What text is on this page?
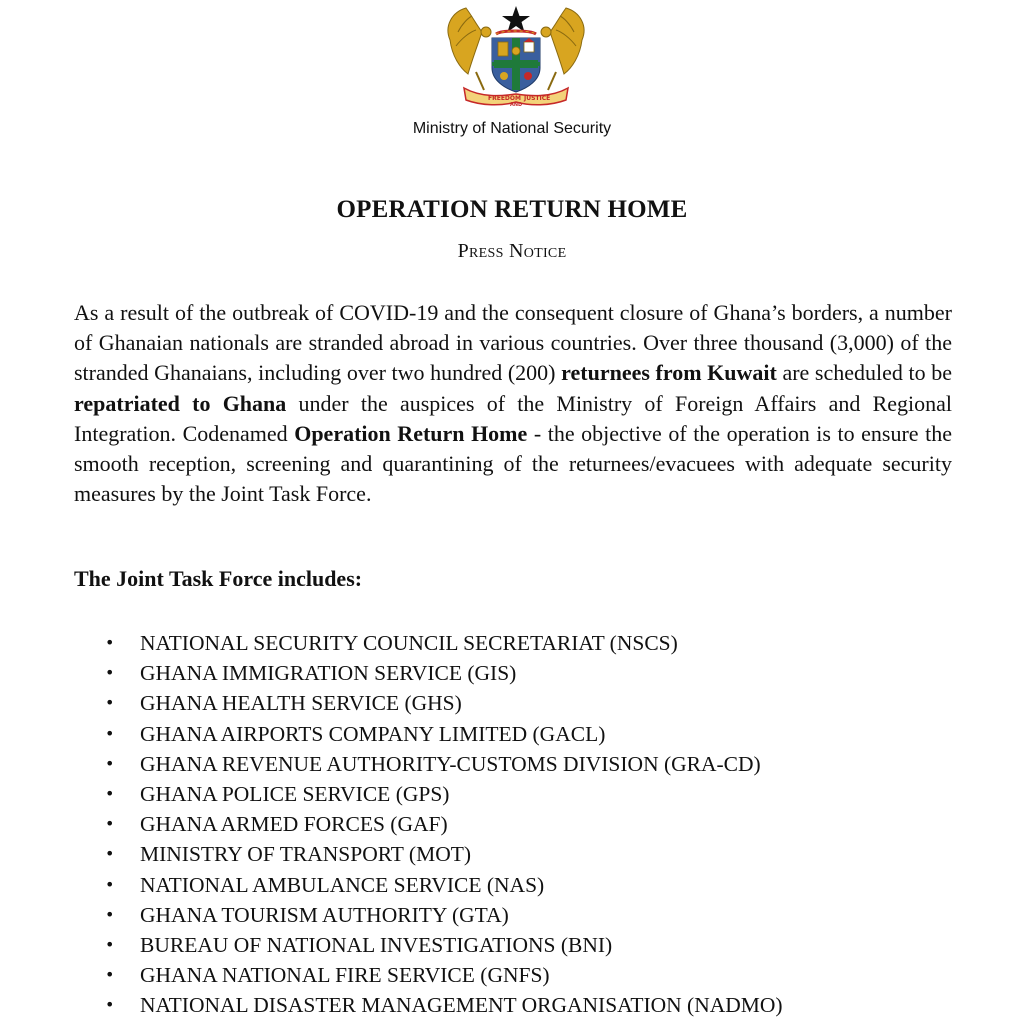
FREEDOM
AND
JUSTICE
Ministry of National Security
OPERATION RETURN HOME
Press Notice
As a result of the outbreak of COVID-19 and the consequent closure of Ghana’s borders, a number of Ghanaian nationals are stranded abroad in various countries. Over three thousand (3,000) of the stranded Ghanaians, including over two hundred (200) returnees from Kuwait are scheduled to be repatriated to Ghana under the auspices of the Ministry of Foreign Affairs and Regional Integration. Codenamed Operation Return Home - the objective of the operation is to ensure the smooth reception, screening and quarantining of the returnees/evacuees with adequate security measures by the Joint Task Force.
The Joint Task Force includes:
• NATIONAL SECURITY COUNCIL SECRETARIAT (NSCS)
• GHANA IMMIGRATION SERVICE (GIS)
• GHANA HEALTH SERVICE (GHS)
• GHANA AIRPORTS COMPANY LIMITED (GACL)
• GHANA REVENUE AUTHORITY-CUSTOMS DIVISION (GRA-CD)
• GHANA POLICE SERVICE (GPS)
• GHANA ARMED FORCES (GAF)
• MINISTRY OF TRANSPORT (MOT)
• NATIONAL AMBULANCE SERVICE (NAS)
• GHANA TOURISM AUTHORITY (GTA)
• BUREAU OF NATIONAL INVESTIGATIONS (BNI)
• GHANA NATIONAL FIRE SERVICE (GNFS)
• NATIONAL DISASTER MANAGEMENT ORGANISATION (NADMO)
